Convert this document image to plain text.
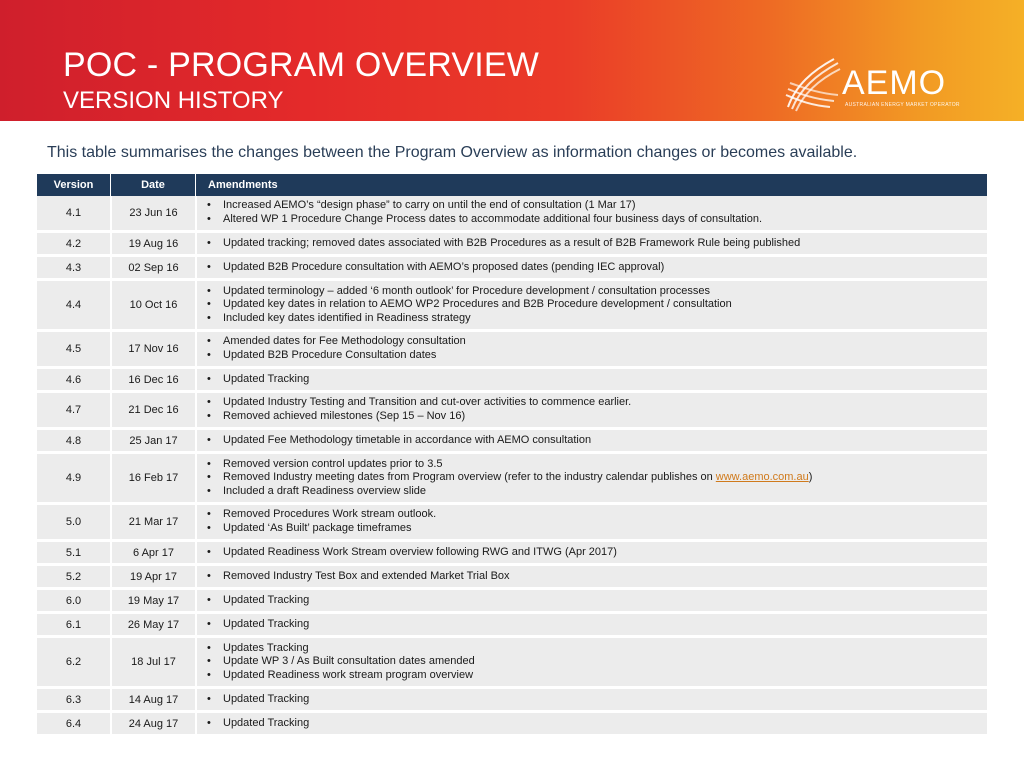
POC - PROGRAM OVERVIEW
VERSION HISTORY	AEMO
AUSTRALIAN ENERGY MARKET OPERATOR
This table summarises the changes between the Program Overview as information changes or becomes available.
Version	Date	Amendments
4.1	23 Jun 16
•	Increased AEMO’s “design phase” to carry on until the end of consultation (1 Mar 17)
•	Altered WP 1 Procedure Change Process dates to accommodate additional four business days of consultation.
4.2	19 Aug 16	•	Updated tracking; removed dates associated with B2B Procedures as a result of B2B Framework Rule being published
4.3	02 Sep 16	•	Updated B2B Procedure consultation with AEMO’s proposed dates (pending IEC approval)
4.4	10 Oct 16
•	Updated terminology – added ‘6 month outlook’ for Procedure development / consultation processes
•	Updated key dates in relation to AEMO WP2 Procedures and B2B Procedure development / consultation
•	Included key dates identified in Readiness strategy
4.5	17 Nov 16
•	Amended dates for Fee Methodology consultation
•	Updated B2B Procedure Consultation dates
4.6	16 Dec 16	•	Updated Tracking
4.7	21 Dec 16
•	Updated Industry Testing and Transition and cut-over activities to commence earlier.
•	Removed achieved milestones (Sep 15 – Nov 16)
4.8	25 Jan 17	•	Updated Fee Methodology timetable in accordance with AEMO consultation
4.9	16 Feb 17
•	Removed version control updates prior to 3.5
•	Removed Industry meeting dates from Program overview (refer to the industry calendar publishes on www.aemo.com.au)
•	Included a draft Readiness overview slide
5.0	21 Mar 17
•	Removed Procedures Work stream outlook.
•	Updated ‘As Built’ package timeframes
5.1	6 Apr 17	•	Updated Readiness Work Stream overview following RWG and ITWG (Apr 2017)
5.2	19 Apr 17	•	Removed Industry Test Box and extended Market Trial Box
6.0	19 May 17	•	Updated Tracking
6.1	26 May 17	•	Updated Tracking
6.2	18 Jul 17
•	Updates Tracking
•	Update WP 3 / As Built consultation dates amended
•	Updated Readiness work stream program overview
6.3	14 Aug 17	•	Updated Tracking
6.4	24 Aug 17	•	Updated Tracking
